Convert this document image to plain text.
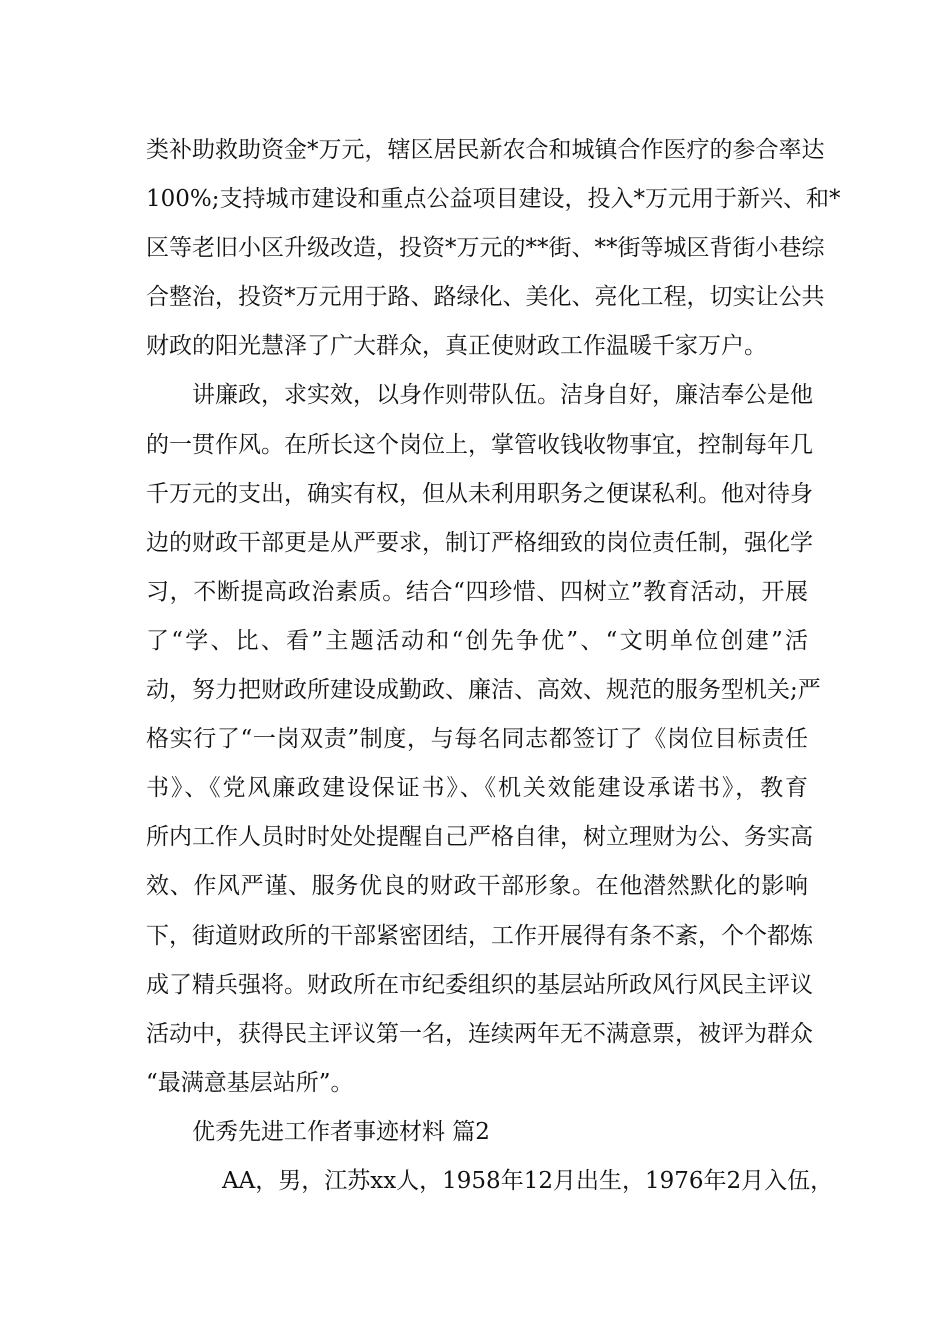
类补助救助资金*万元，辖区居民新农合和城镇合作医疗的参合率达
100%;支持城市建设和重点公益项目建设，投入*万元用于新兴、和*
区等老旧小区升级改造，投资*万元的**街、**街等城区背街小巷综
合整治，投资*万元用于路、路绿化、美化、亮化工程，切实让公共
财政的阳光慧泽了广大群众，真正使财政工作温暖千家万户。
讲廉政，求实效，以身作则带队伍。洁身自好，廉洁奉公是他
的一贯作风。在所长这个岗位上，掌管收钱收物事宜，控制每年几
千万元的支出，确实有权，但从未利用职务之便谋私利。他对待身
边的财政干部更是从严要求，制订严格细致的岗位责任制，强化学
习，不断提高政治素质。结合“四珍惜、四树立”教育活动，开展
了“学、比、看”主题活动和“创先争优”、“文明单位创建”活
动，努力把财政所建设成勤政、廉洁、高效、规范的服务型机关;严
格实行了“一岗双责”制度，与每名同志都签订了《岗位目标责任
书》、《党风廉政建设保证书》、《机关效能建设承诺书》，教育
所内工作人员时时处处提醒自己严格自律，树立理财为公、务实高
效、作风严谨、服务优良的财政干部形象。在他潜然默化的影响
下，街道财政所的干部紧密团结，工作开展得有条不紊，个个都炼
成了精兵强将。财政所在市纪委组织的基层站所政风行风民主评议
活动中，获得民主评议第一名，连续两年无不满意票，被评为群众
“最满意基层站所”。
优秀先进工作者事迹材料 篇2
AA，男，江苏xx人，1958年12月出生，1976年2月入伍，
